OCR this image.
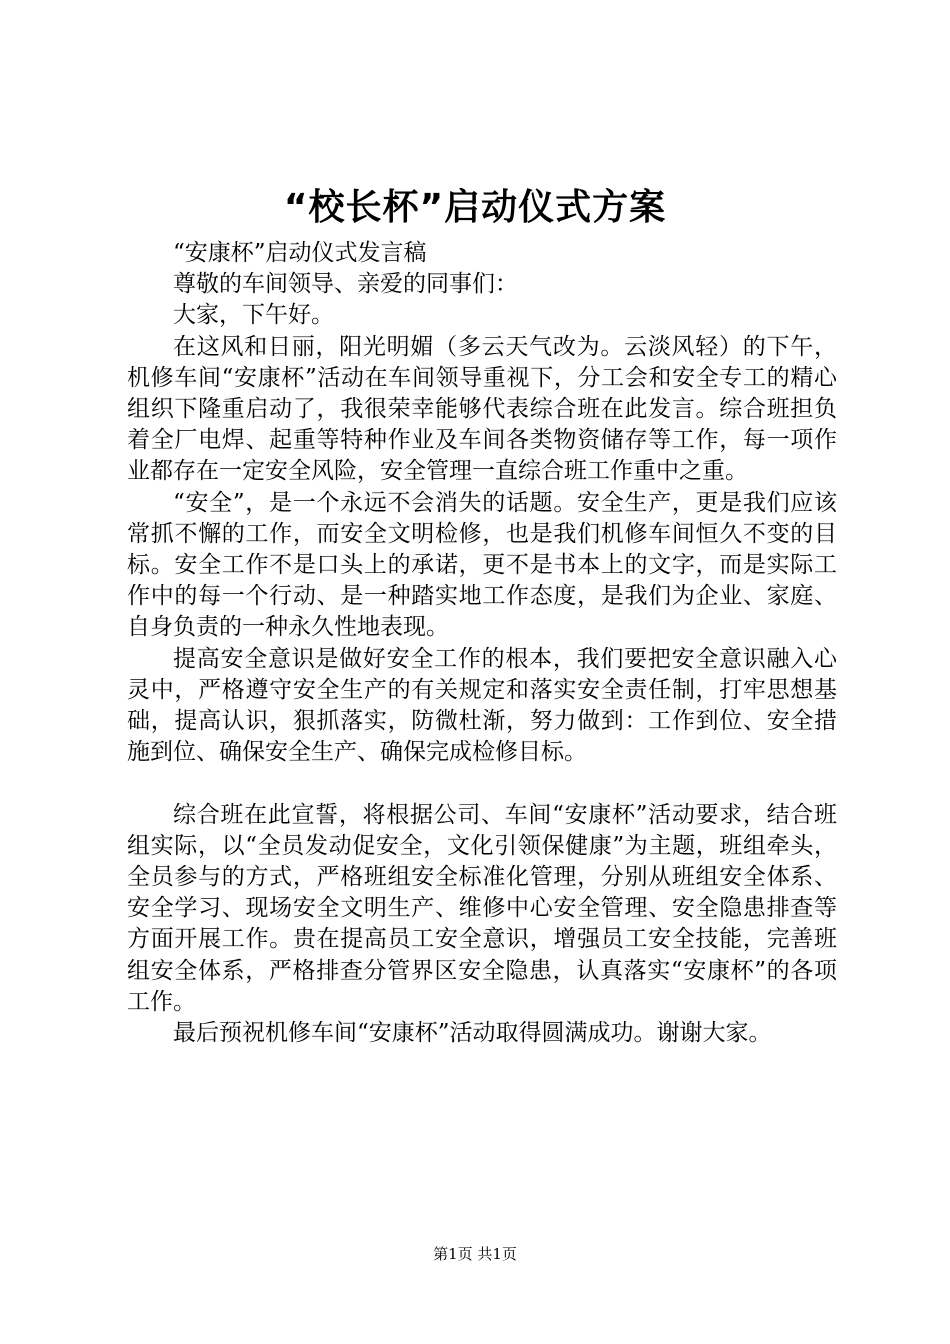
“校长杯”启动仪式方案

“安康杯”启动仪式发言稿

尊敬的车间领导、亲爱的同事们：

大家，下午好。

在这风和日丽，阳光明媚（多云天气改为。云淡风轻）的下午，机修车间“安康杯”活动在车间领导重视下，分工会和安全专工的精心组织下隆重启动了，我很荣幸能够代表综合班在此发言。综合班担负着全厂电焊、起重等特种作业及车间各类物资储存等工作，每一项作业都存在一定安全风险，安全管理一直综合班工作重中之重。

“安全”，是一个永远不会消失的话题。安全生产，更是我们应该常抓不懈的工作，而安全文明检修，也是我们机修车间恒久不变的目标。安全工作不是口头上的承诺，更不是书本上的文字，而是实际工作中的每一个行动、是一种踏实地工作态度，是我们为企业、家庭、自身负责的一种永久性地表现。

提高安全意识是做好安全工作的根本，我们要把安全意识融入心灵中，严格遵守安全生产的有关规定和落实安全责任制，打牢思想基础，提高认识，狠抓落实，防微杜渐，努力做到：工作到位、安全措施到位、确保安全生产、确保完成检修目标。

综合班在此宣誓，将根据公司、车间“安康杯”活动要求，结合班组实际，以“全员发动促安全，文化引领保健康”为主题，班组牵头，全员参与的方式，严格班组安全标准化管理，分别从班组安全体系、安全学习、现场安全文明生产、维修中心安全管理、安全隐患排查等方面开展工作。贵在提高员工安全意识，增强员工安全技能，完善班组安全体系，严格排查分管界区安全隐患，认真落实“安康杯”的各项工作。

最后预祝机修车间“安康杯”活动取得圆满成功。谢谢大家。

第1页 共1页
